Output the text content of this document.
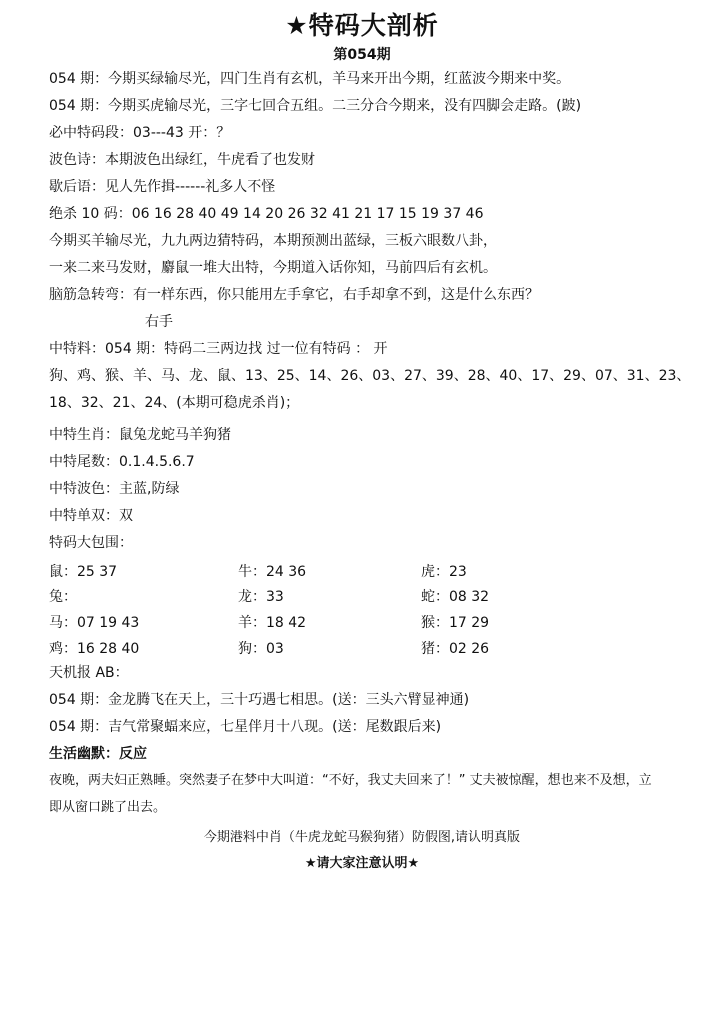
★特码大剖析
第054期
054 期：今期买绿输尽光，四门生肖有玄机，羊马来开出今期，红蓝波今期来中奖。
054 期：今期买虎输尽光，三字七回合五组。二三分合今期来，没有四脚会走路。(跛)
必中特码段：03---43 开：？
波色诗：本期波色出绿红，牛虎看了也发财
歇后语：见人先作揖------礼多人不怪
绝杀 10 码：06 16 28 40 49 14 20 26 32 41 21 17 15 19 37 46
今期买羊输尽光，九九两边猜特码，本期预测出蓝绿，三板六眼数八卦，
一来二来马发财，麝鼠一堆大出特，今期道入话你知，马前四后有玄机。
脑筋急转弯：有一样东西，你只能用左手拿它，右手却拿不到，这是什么东西？
右手
中特料：054 期：特码二三两边找 过一位有特码 ： 开
狗、鸡、猴、羊、马、龙、鼠、13、25、14、26、03、27、39、28、40、17、29、07、31、23、
18、32、21、24、(本期可稳虎杀肖)；
中特生肖：鼠兔龙蛇马羊狗猪
中特尾数：0.1.4.5.6.7
中特波色：主蓝,防绿
中特单双：双
特码大包围：
鼠：25 37	牛：24 36	虎：23
兔：	龙：33	蛇：08 32
马：07 19 43	羊：18 42	猴：17 29
鸡：16 28 40	狗：03	猪：02 26
天机报 AB：
054 期：金龙腾飞在天上，三十巧遇七相思。(送：三头六臂显神通)
054 期：吉气常聚蝠来应，七星伴月十八现。(送：尾数跟后来)
生活幽默：反应
夜晚，两夫妇正熟睡。突然妻子在梦中大叫道：“不好，我丈夫回来了！” 丈夫被惊醒，想也来不及想，立
即从窗口跳了出去。
今期港料中肖（牛虎龙蛇马猴狗猪）防假图,请认明真版
★请大家注意认明★
